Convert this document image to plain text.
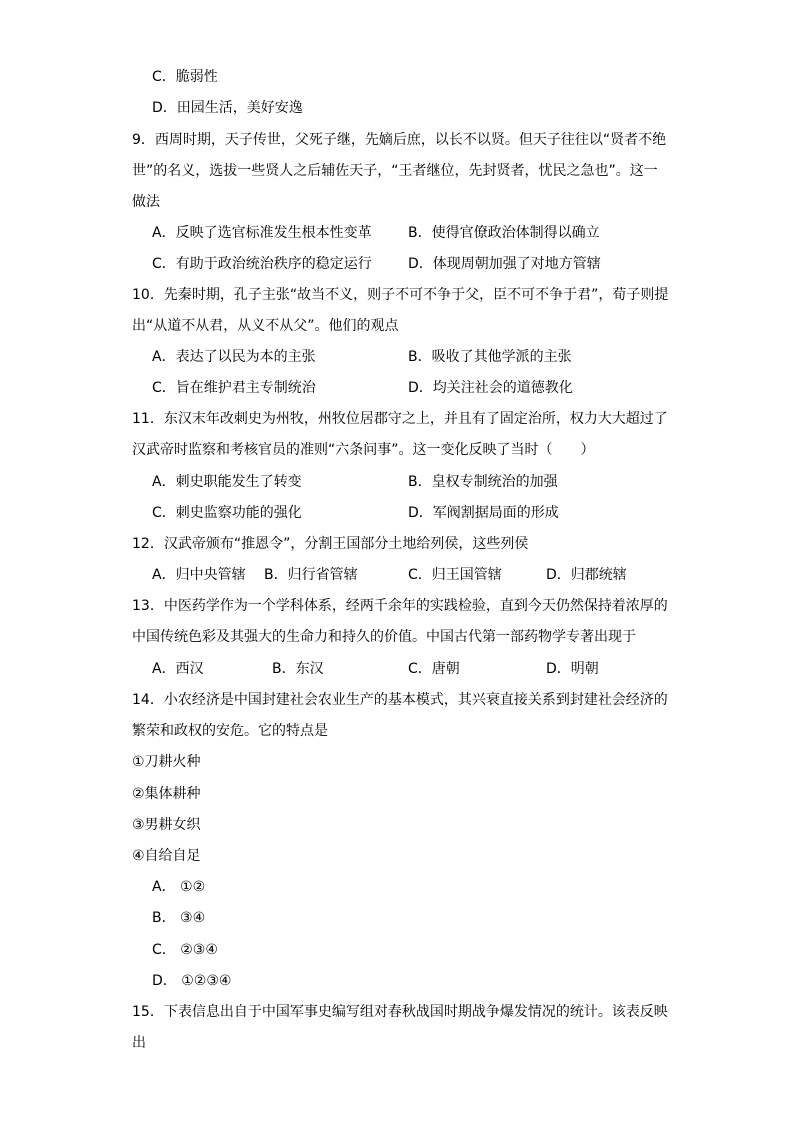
C．脆弱性
D．田园生活，美好安逸
9．西周时期，天子传世，父死子继，先嫡后庶，以长不以贤。但天子往往以“贤者不绝
世”的名义，选拔一些贤人之后辅佐天子，“王者继位，先封贤者，忧民之急也”。这一
做法
A．反映了选官标准发生根本性变革	B．使得官僚政治体制得以确立
C．有助于政治统治秩序的稳定运行	D．体现周朝加强了对地方管辖
10．先秦时期，孔子主张“故当不义，则子不可不争于父，臣不可不争于君”，荀子则提
出“从道不从君，从义不从父”。他们的观点
A．表达了以民为本的主张	B．吸收了其他学派的主张
C．旨在维护君主专制统治	D．均关注社会的道德教化
11．东汉末年改刺史为州牧，州牧位居郡守之上，并且有了固定治所，权力大大超过了
汉武帝时监察和考核官员的准则“六条问事”。这一变化反映了当时（　　）
A．刺史职能发生了转变	B．皇权专制统治的加强
C．刺史监察功能的强化	D．军阀割据局面的形成
12．汉武帝颁布“推恩令”，分割王国部分土地给列侯，这些列侯
A．归中央管辖 B．归行省管辖	C．归王国管辖	D．归郡统辖
13．中医药学作为一个学科体系，经两千余年的实践检验，直到今天仍然保持着浓厚的
中国传统色彩及其强大的生命力和持久的价值。中国古代第一部药物学专著出现于
A．西汉	B．东汉	C．唐朝	D．明朝
14．小农经济是中国封建社会农业生产的基本模式，其兴衰直接关系到封建社会经济的
繁荣和政权的安危。它的特点是
①刀耕火种
②集体耕种
③男耕女织
④自给自足
A． ①②
B． ③④
C． ②③④
D． ①②③④
15．下表信息出自于中国军事史编写组对春秋战国时期战争爆发情况的统计。该表反映
出
